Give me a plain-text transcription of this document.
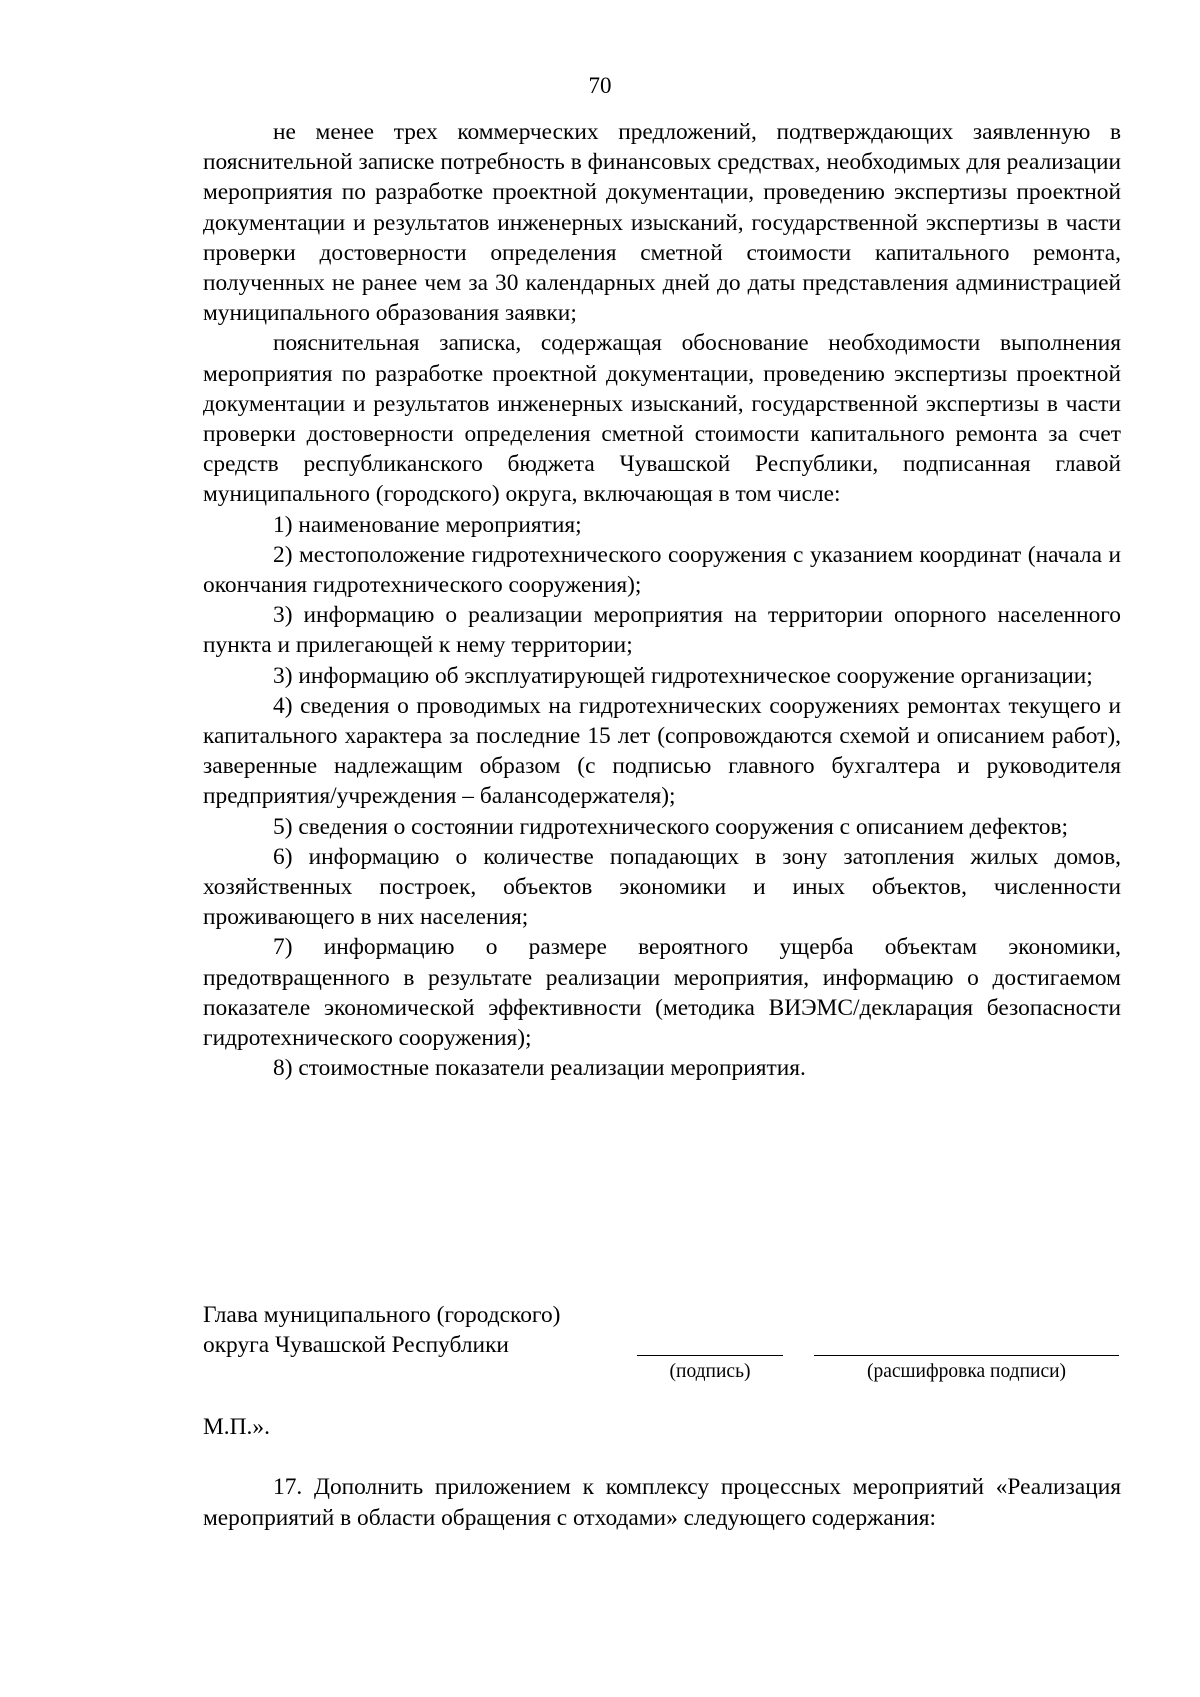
70

не менее трех коммерческих предложений, подтверждающих заявленную в пояснительной записке потребность в финансовых средствах, необходимых для реализации мероприятия по разработке проектной документации, проведению экспертизы проектной документации и результатов инженерных изысканий, государственной экспертизы в части проверки достоверности определения сметной стоимости капитального ремонта, полученных не ранее чем за 30 календарных дней до даты представления администрацией муниципального образования заявки;

пояснительная записка, содержащая обоснование необходимости выполнения мероприятия по разработке проектной документации, проведению экспертизы проектной документации и результатов инженерных изысканий, государственной экспертизы в части проверки достоверности определения сметной стоимости капитального ремонта за счет средств республиканского бюджета Чувашской Республики, подписанная главой муниципального (городского) округа, включающая в том числе:

1) наименование мероприятия;

2) местоположение гидротехнического сооружения с указанием координат (начала и окончания гидротехнического сооружения);

3) информацию о реализации мероприятия на территории опорного населенного пункта и прилегающей к нему территории;

3) информацию об эксплуатирующей гидротехническое сооружение организации;

4) сведения о проводимых на гидротехнических сооружениях ремонтах текущего и капитального характера за последние 15 лет (сопровождаются схемой и описанием работ), заверенные надлежащим образом (с подписью главного бухгалтера и руководителя предприятия/учреждения – балансодержателя);

5) сведения о состоянии гидротехнического сооружения с описанием дефектов;

6) информацию о количестве попадающих в зону затопления жилых домов, хозяйственных построек, объектов экономики и иных объектов, численности проживающего в них населения;

7) информацию о размере вероятного ущерба объектам экономики, предотвращенного в результате реализации мероприятия, информацию о достигаемом показателе экономической эффективности (методика ВИЭМС/декларация безопасности гидротехнического сооружения);

8) стоимостные показатели реализации мероприятия.

Глава муниципального (городского)
округа Чувашской Республики
(подпись)	(расшифровка подписи)
М.П.».

17. Дополнить приложением к комплексу процессных мероприятий «Реализация мероприятий в области обращения с отходами» следующего содержания:
